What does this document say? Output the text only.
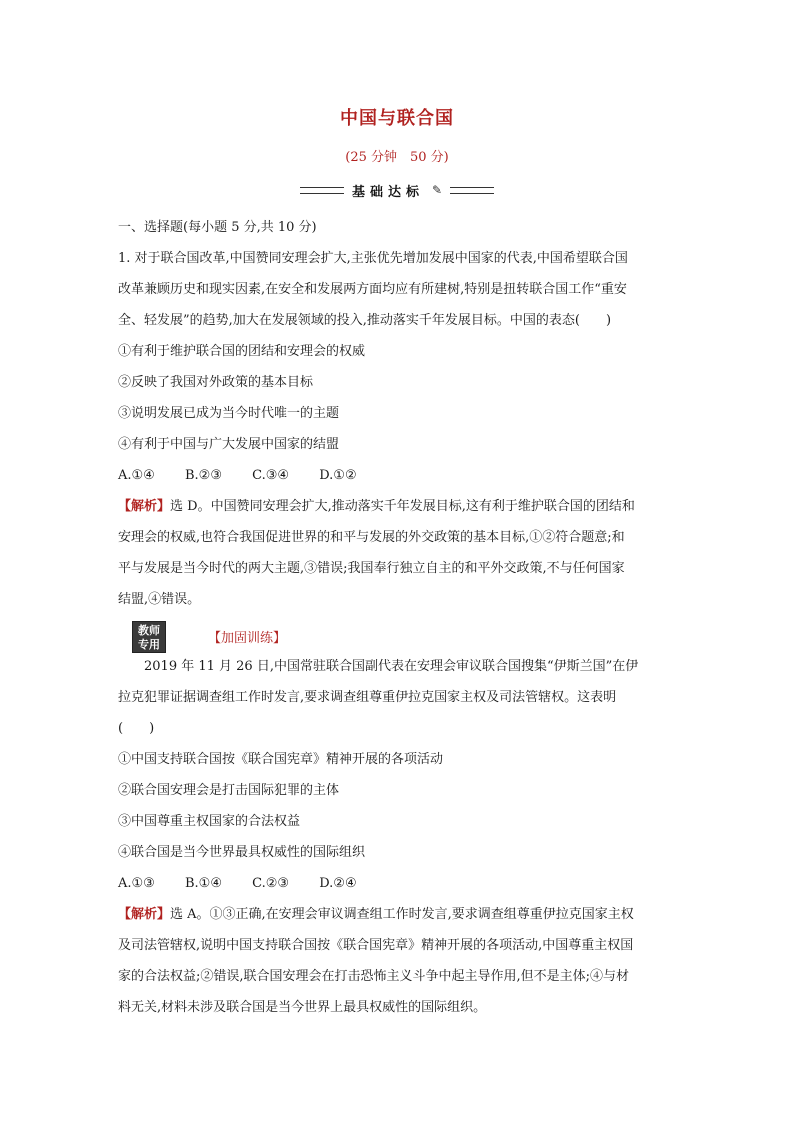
中国与联合国
(25 分钟　50 分)
基础达标 ✎
一、选择题(每小题 5 分,共 10 分)
1. 对于联合国改革,中国赞同安理会扩大,主张优先增加发展中国家的代表,中国希望联合国
改革兼顾历史和现实因素,在安全和发展两方面均应有所建树,特别是扭转联合国工作“重安
全、轻发展”的趋势,加大在发展领域的投入,推动落实千年发展目标。中国的表态(　　)
①有利于维护联合国的团结和安理会的权威
②反映了我国对外政策的基本目标
③说明发展已成为当今时代唯一的主题
④有利于中国与广大发展中国家的结盟
A.①④ B.②③ C.③④ D.①②
【解析】选 D。中国赞同安理会扩大,推动落实千年发展目标,这有利于维护联合国的团结和
安理会的权威,也符合我国促进世界的和平与发展的外交政策的基本目标,①②符合题意;和
平与发展是当今时代的两大主题,③错误;我国奉行独立自主的和平外交政策,不与任何国家
结盟,④错误。
教师
专用	【加固训练】
2019 年 11 月 26 日,中国常驻联合国副代表在安理会审议联合国搜集“伊斯兰国”在伊
拉克犯罪证据调查组工作时发言,要求调查组尊重伊拉克国家主权及司法管辖权。这表明
(　　)
①中国支持联合国按《联合国宪章》精神开展的各项活动
②联合国安理会是打击国际犯罪的主体
③中国尊重主权国家的合法权益
④联合国是当今世界最具权威性的国际组织
A.①③ B.①④ C.②③ D.②④
【解析】选 A。①③正确,在安理会审议调查组工作时发言,要求调查组尊重伊拉克国家主权
及司法管辖权,说明中国支持联合国按《联合国宪章》精神开展的各项活动,中国尊重主权国
家的合法权益;②错误,联合国安理会在打击恐怖主义斗争中起主导作用,但不是主体;④与材
料无关,材料未涉及联合国是当今世界上最具权威性的国际组织。
